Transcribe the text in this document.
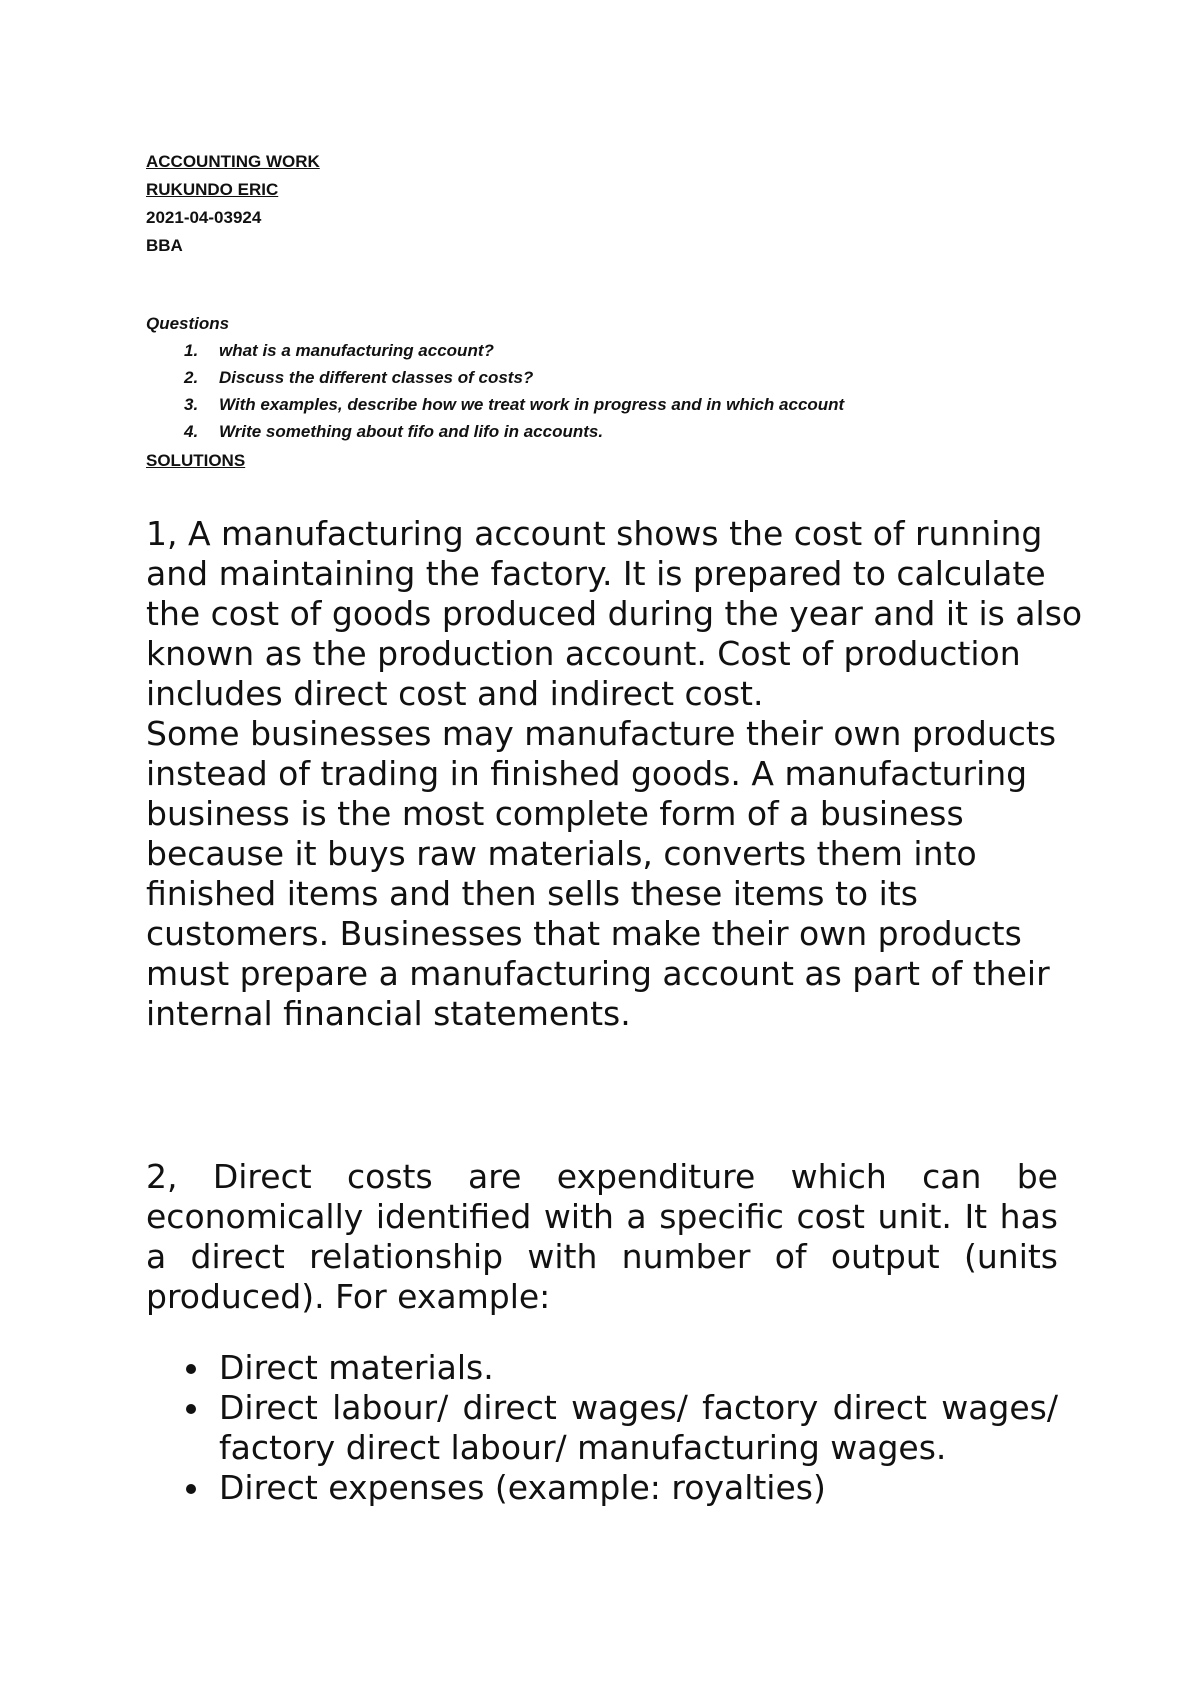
ACCOUNTING WORK
RUKUNDO ERIC
2021-04-03924
BBA
Questions
1. what is a manufacturing account?
2. Discuss the different classes of costs?
3. With examples, describe how we treat work in progress and in which account
4. Write something about fifo and lifo in accounts.
SOLUTIONS
1, A manufacturing account shows the cost of running and maintaining the factory. It is prepared to calculate the cost of goods produced during the year and it is also known as the production account. Cost of production includes direct cost and indirect cost.
Some businesses may manufacture their own products instead of trading in finished goods. A manufacturing business is the most complete form of a business because it buys raw materials, converts them into finished items and then sells these items to its customers. Businesses that make their own products must prepare a manufacturing account as part of their internal financial statements.
2, Direct costs are expenditure which can be economically identified with a specific cost unit. It has a direct relationship with number of output (units produced). For example:
Direct materials.
Direct labour/ direct wages/ factory direct wages/ factory direct labour/ manufacturing wages.
Direct expenses (example: royalties)
